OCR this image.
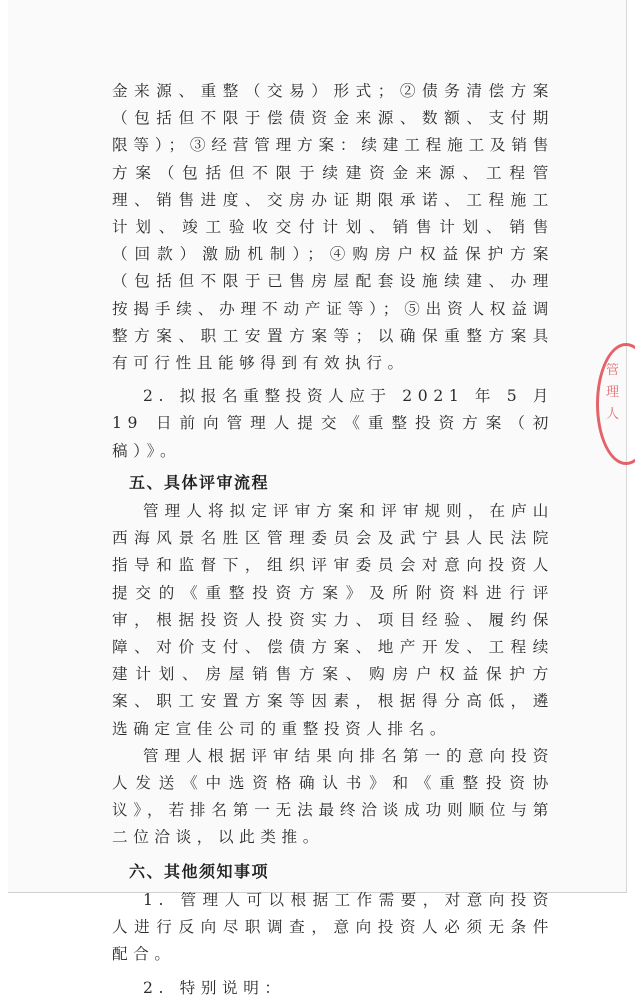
金来源、重整（交易）形式；②债务清偿方案（包括但不限于偿债资金来源、数额、支付期限等）；③经营管理方案：续建工程施工及销售方案（包括但不限于续建资金来源、工程管理、销售进度、交房办证期限承诺、工程施工计划、竣工验收交付计划、销售计划、销售（回款）激励机制）；④购房户权益保护方案（包括但不限于已售房屋配套设施续建、办理按揭手续、办理不动产证等）；⑤出资人权益调整方案、职工安置方案等；以确保重整方案具有可行性且能够得到有效执行。

2. 拟报名重整投资人应于 2021 年 5 月 19 日前向管理人提交《重整投资方案（初稿）》。

五、具体评审流程

管理人将拟定评审方案和评审规则，在庐山西海风景名胜区管理委员会及武宁县人民法院指导和监督下，组织评审委员会对意向投资人提交的《重整投资方案》及所附资料进行评审，根据投资人投资实力、项目经验、履约保障、对价支付、偿债方案、地产开发、工程续建计划、房屋销售方案、购房户权益保护方案、职工安置方案等因素，根据得分高低，遴选确定宣佳公司的重整投资人排名。

管理人根据评审结果向排名第一的意向投资人发送《中选资格确认书》和《重整投资协议》，若排名第一无法最终洽谈成功则顺位与第二位洽谈，以此类推。

六、其他须知事项

1. 管理人可以根据工作需要，对意向投资人进行反向尽职调查，意向投资人必须无条件配合。

2. 特别说明：

管理人
